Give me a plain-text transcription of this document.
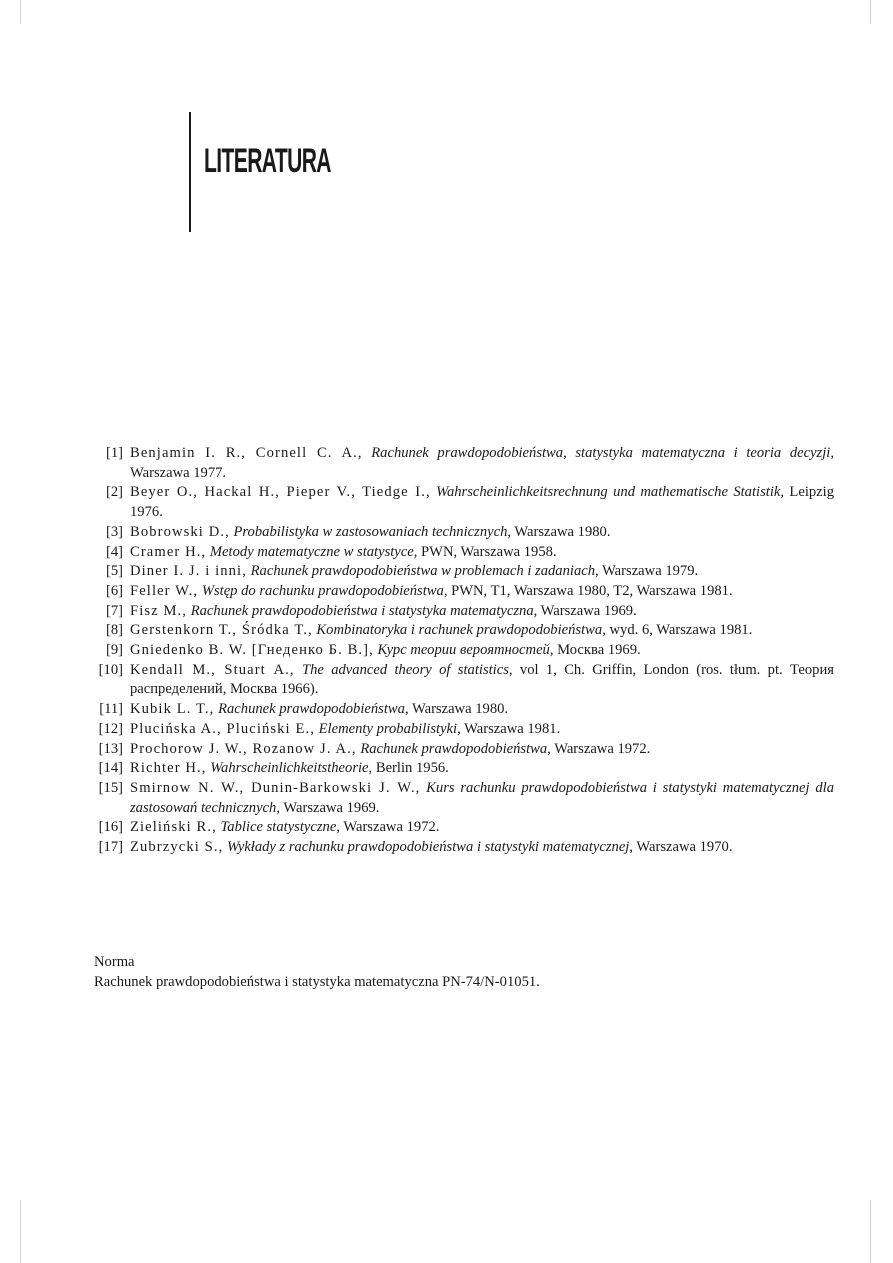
LITERATURA
[1] Benjamin I. R., Cornell C. A., Rachunek prawdopodobieństwa, statystyka matematyczna i teoria decyzji, Warszawa 1977.
[2] Beyer O., Hackal H., Pieper V., Tiedge I., Wahrscheinlichkeitsrechnung und mathematische Statistik, Leipzig 1976.
[3] Bobrowski D., Probabilistyka w zastosowaniach technicznych, Warszawa 1980.
[4] Cramer H., Metody matematyczne w statystyce, PWN, Warszawa 1958.
[5] Diner I. J. i inni, Rachunek prawdopodobieństwa w problemach i zadaniach, Warszawa 1979.
[6] Feller W., Wstęp do rachunku prawdopodobieństwa, PWN, T1, Warszawa 1980, T2, Warszawa 1981.
[7] Fisz M., Rachunek prawdopodobieństwa i statystyka matematyczna, Warszawa 1969.
[8] Gerstenkorn T., Śródka T., Kombinatoryka i rachunek prawdopodobieństwa, wyd. 6, Warszawa 1981.
[9] Gniedenko B. W. [Гнеденко Б. В.], Курс теории вероятностей, Москва 1969.
[10] Kendall M., Stuart A., The advanced theory of statistics, vol 1, Ch. Griffin, London (ros. tłum. pt. Теория распределений, Москва 1966).
[11] Kubik L. T., Rachunek prawdopodobieństwa, Warszawa 1980.
[12] Plucińska A., Pluciński E., Elementy probabilistyki, Warszawa 1981.
[13] Prochorow J. W., Rozanow J. A., Rachunek prawdopodobieństwa, Warszawa 1972.
[14] Richter H., Wahrscheinlichkeitstheorie, Berlin 1956.
[15] Smirnow N. W., Dunin-Barkowski J. W., Kurs rachunku prawdopodobieństwa i statystyki matematycznej dla zastosowań technicznych, Warszawa 1969.
[16] Zieliński R., Tablice statystyczne, Warszawa 1972.
[17] Zubrzycki S., Wykłady z rachunku prawdopodobieństwa i statystyki matematycznej, Warszawa 1970.
Norma
Rachunek prawdopodobieństwa i statystyka matematyczna PN-74/N-01051.
